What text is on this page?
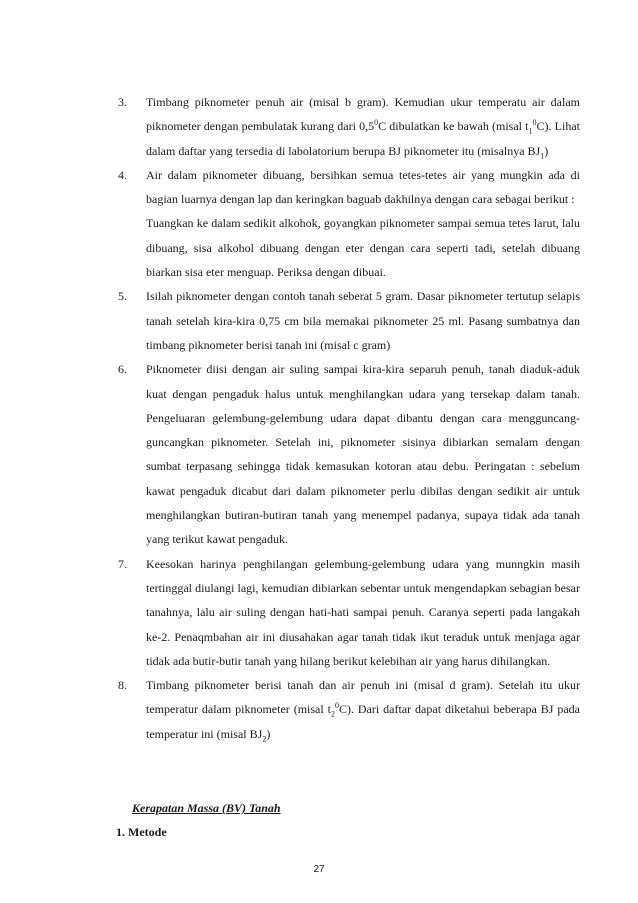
3.	Timbang piknometer penuh air (misal b gram). Kemudian ukur temperatu air dalam piknometer dengan pembulatak kurang dari $0,5^0C$ dibulatkan ke bawah (misal $t_1^0C$). Lihat dalam daftar yang tersedia di labolatorium berupa BJ piknometer itu (misalnya $BJ_1$)
4.	Air dalam piknometer dibuang, bersihkan semua tetes-tetes air yang mungkin ada di bagian luarnya dengan lap dan keringkan baguab dakhilnya dengan cara sebagai berikut :
Tuangkan ke dalam sedikit alkohok, goyangkan piknometer sampai semua tetes larut, lalu dibuang, sisa alkohol dibuang dengan eter dengan cara seperti tadi, setelah dibuang biarkan sisa eter menguap. Periksa dengan dibuai.
5.	Isilah piknometer dengan contoh tanah seberat 5 gram. Dasar piknometer tertutup selapis tanah setelah kira-kira 0,75 cm bila memakai piknometer 25 ml. Pasang sumbatnya dan timbang piknometer berisi tanah ini (misal c gram)
6.	Piknometer diisi dengan air suling sampai kira-kira separuh penuh, tanah diaduk-aduk kuat dengan pengaduk halus untuk menghilangkan udara yang tersekap dalam tanah. Pengeluaran gelembung-gelembung udara dapat dibantu dengan cara mengguncang-guncangkan piknometer. Setelah ini, piknometer sisinya dibiarkan semalam dengan sumbat terpasang sehingga tidak kemasukan kotoran atau debu. Peringatan : sebelum kawat pengaduk dicabut dari dalam piknometer perlu dibilas dengan sedikit air untuk menghilangkan butiran-butiran tanah yang menempel padanya, supaya tidak ada tanah yang terikut kawat pengaduk.
7.	Keesokan harinya penghilangan gelembung-gelembung udara yang munngkin masih tertinggal diulangi lagi, kemudian dibiarkan sebentar untuk mengendapkan sebagian besar tanahnya, lalu air suling dengan hati-hati sampai penuh. Caranya seperti pada langakah ke-2. Penaqmbahan air ini diusahakan agar tanah tidak ikut teraduk untuk menjaga agar tidak ada butir-butir tanah yang hilang berikut kelebihan air yang harus dihilangkan.
8.	Timbang piknometer berisi tanah dan air penuh ini (misal d gram). Setelah itu ukur temperatur dalam piknometer (misal $t_2^0C$). Dari daftar dapat diketahui beberapa BJ pada temperatur ini (misal $BJ_2$)
Kerapatan Massa (BV) Tanah
1. Metode
27
